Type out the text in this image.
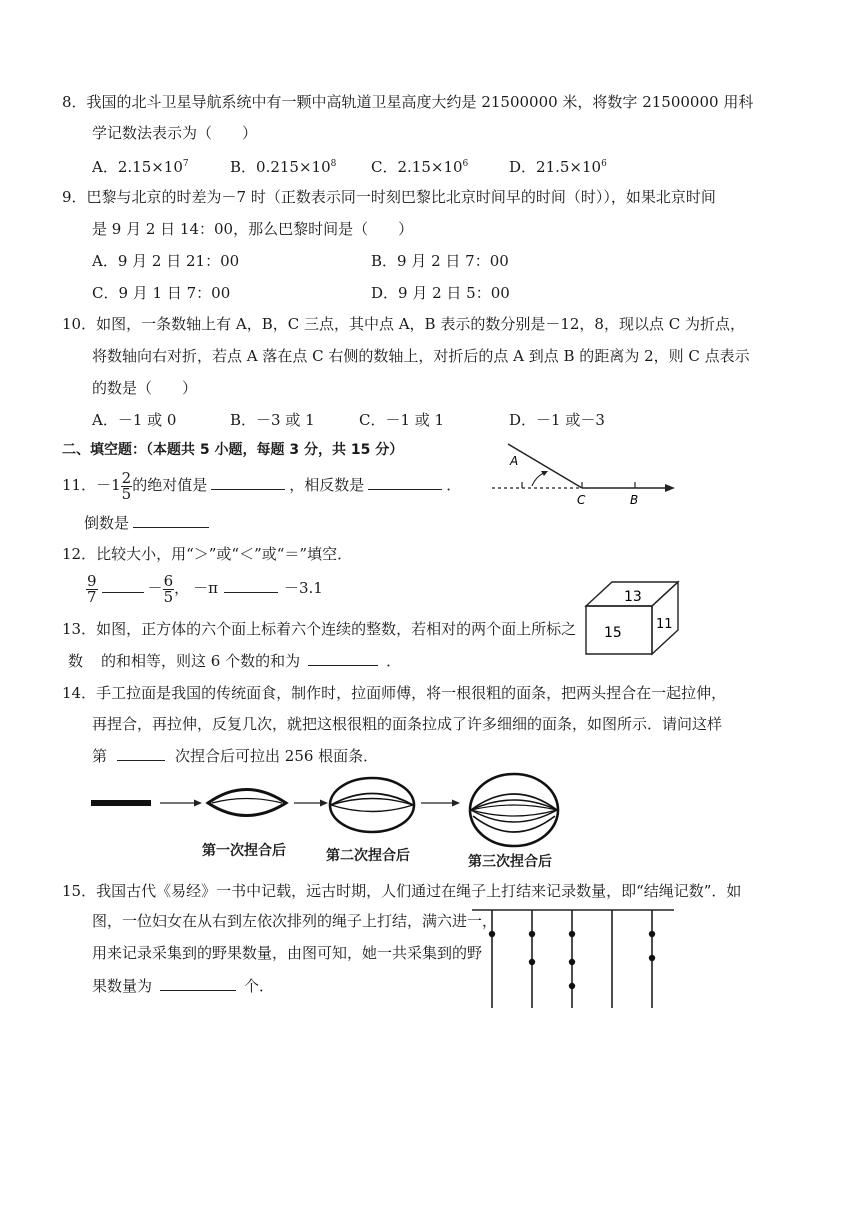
8．我国的北斗卫星导航系统中有一颗中高轨道卫星高度大约是 21500000 米，将数字 21500000 用科
学记数法表示为（　　）
A．$2.15\times 10^7$	B．$0.215\times 10^8$ C．$2.15\times 10^6$	D．$21.5\times 10^6$
9．巴黎与北京的时差为－7 时（正数表示同一时刻巴黎比北京时间早的时间（时）），如果北京时间
是 9 月 2 日 14：00，那么巴黎时间是（　　）
A．9 月 2 日 21：00	B．9 月 2 日 7：00
C．9 月 1 日 7：00	D．9 月 2 日 5：00
10．如图，一条数轴上有 A，B，C 三点，其中点 A，B 表示的数分别是－12，8，现以点 C 为折点，
将数轴向右对折，若点 A 落在点 C 右侧的数轴上，对折后的点 A 到点 B 的距离为 2，则 C 点表示
的数是（　　）
A．－1 或 0	B．－3 或 1	C．－1 或 1	D．－1 或－3
二、填空题：（本题共 5 小题，每题 3 分，共 15 分）
A
C	B
11．$-1 \frac{2}{5}$ 的绝对值是	，相反数是	．
倒数是
12．比较大小，用“＞”或“＜”或“＝”填空．
$\frac{9}{7}$	－ $\frac{6}{5}$ ， －π	－3.1	13
15
11
13．如图，正方体的六个面上标着六个连续的整数，若相对的两个面上所标之
数 的和相等，则这 6 个数的和为	．
14．手工拉面是我国的传统面食，制作时，拉面师傅，将一根很粗的面条，把两头捏合在一起拉伸，
再捏合，再拉伸，反复几次，就把这根很粗的面条拉成了许多细细的面条，如图所示．请问这样
第	次捏合后可拉出 256 根面条．
第一次捏合后	第二次捏合后	第三次捏合后
15．我国古代《易经》一书中记载，远古时期，人们通过在绳子上打结来记录数量，即“结绳记数”．如
图，一位妇女在从右到左依次排列的绳子上打结，满六进一，
用来记录采集到的野果数量，由图可知，她一共采集到的野
果数量为	个．
